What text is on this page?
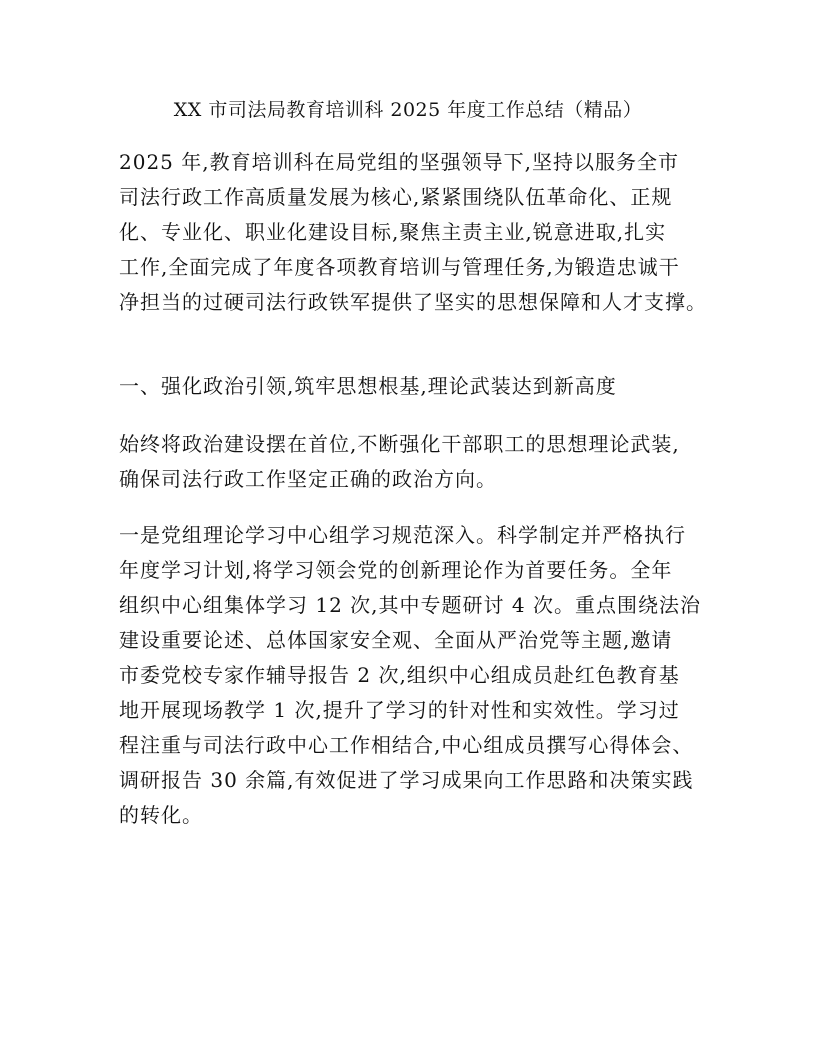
XX 市司法局教育培训科 2025 年度工作总结（精品）
2025 年,教育培训科在局党组的坚强领导下,坚持以服务全市
司法行政工作高质量发展为核心,紧紧围绕队伍革命化、正规
化、专业化、职业化建设目标,聚焦主责主业,锐意进取,扎实
工作,全面完成了年度各项教育培训与管理任务,为锻造忠诚干
净担当的过硬司法行政铁军提供了坚实的思想保障和人才支撑。
一、强化政治引领,筑牢思想根基,理论武装达到新高度
始终将政治建设摆在首位,不断强化干部职工的思想理论武装,
确保司法行政工作坚定正确的政治方向。
一是党组理论学习中心组学习规范深入。科学制定并严格执行
年度学习计划,将学习领会党的创新理论作为首要任务。全年
组织中心组集体学习 12 次,其中专题研讨 4 次。重点围绕法治
建设重要论述、总体国家安全观、全面从严治党等主题,邀请
市委党校专家作辅导报告 2 次,组织中心组成员赴红色教育基
地开展现场教学 1 次,提升了学习的针对性和实效性。学习过
程注重与司法行政中心工作相结合,中心组成员撰写心得体会、
调研报告 30 余篇,有效促进了学习成果向工作思路和决策实践
的转化。
